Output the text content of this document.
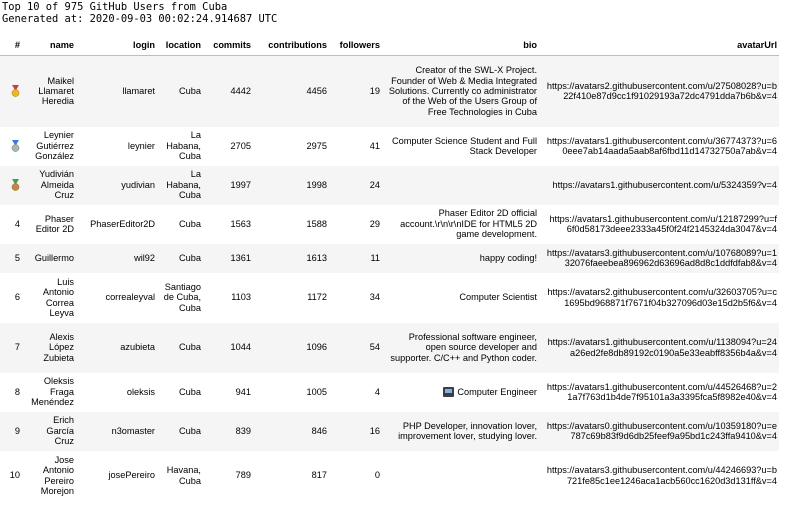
Top 10 of 975 GitHub Users from Cuba
Generated at: 2020-09-03 00:02:24.914687 UTC
#	name	login	location	commits	contributions	followers	bio	avatarUrl
	Maikel Llamaret Heredia	llamaret	Cuba	4442	4456	19	Creator of the SWL-X Project. Founder of Web & Media Integrated Solutions. Currently co administrator of the Web of the Users Group of Free Technologies in Cuba	https://avatars2.githubusercontent.com/u/27508028?u=b22f410e87d9cc1f91029193a72dc4791dda7b6b&v=4
	Leynier Gutiérrez González	leynier	La Habana, Cuba	2705	2975	41	Computer Science Student and Full Stack Developer	https://avatars1.githubusercontent.com/u/36774373?u=60eee7ab14aada5aab8af6fbd11d14732750a7ab&v=4
	Yudivián Almeida Cruz	yudivian	La Habana, Cuba	1997	1998	24		https://avatars1.githubusercontent.com/u/5324359?v=4
4	Phaser Editor 2D	PhaserEditor2D	Cuba	1563	1588	29	Phaser Editor 2D official account.\r\n\r\nIDE for HTML5 2D game development.	https://avatars1.githubusercontent.com/u/12187299?u=f6f0d58173deee2333a45f0f24f2145324da3047&v=4
5	Guillermo	wil92	Cuba	1361	1613	11	happy coding!	https://avatars3.githubusercontent.com/u/10768089?u=132076faeebea896962d63696ad8d8c1ddfdfab8&v=4
6	Luis Antonio Correa Leyva	correaleyval	Santiago de Cuba, Cuba	1103	1172	34	Computer Scientist	https://avatars2.githubusercontent.com/u/32603705?u=c1695bd968871f7671f04b327096d03e15d2b5f6&v=4
7	Alexis López Zubieta	azubieta	Cuba	1044	1096	54	Professional software engineer, open source developer and supporter. C/C++ and Python coder.	https://avatars1.githubusercontent.com/u/1138094?u=24a26ed2fe8db89192c0190a5e33eabff8356b4a&v=4
8	Oleksis Fraga Menéndez	oleksis	Cuba	941	1005	4	Computer Engineer	https://avatars1.githubusercontent.com/u/44526468?u=21a7f763d1b4de7f95101a3a3395fca5f8982e40&v=4
9	Erich García Cruz	n3omaster	Cuba	839	846	16	PHP Developer, innovation lover, improvement lover, studying lover.	https://avatars0.githubusercontent.com/u/10359180?u=e787c69b83f9d6db25feef9a95bd1c243ffa9410&v=4
10	Jose Antonio Pereiro Morejon	josePereiro	Havana, Cuba	789	817	0		https://avatars3.githubusercontent.com/u/44246693?u=b721fe85c1ee1246aca1acb560cc1620d3d131ff&v=4
